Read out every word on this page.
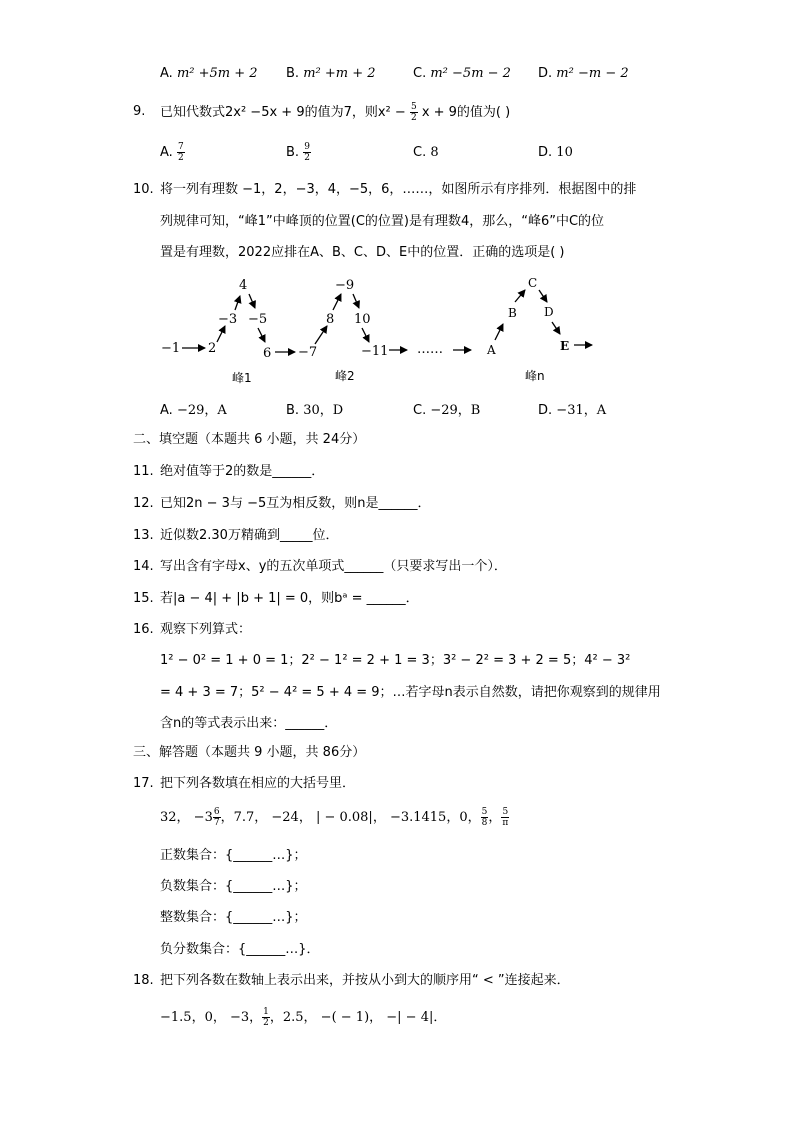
A. m² +5m + 2 B. m² +m + 2	C. m² −5m − 2 D. m² −m − 2
9.	已知代数式2x² −5x + 9的值为7，则$x^2 - \frac{5}{2}$ x + 9的值为( )
A. $\frac{7}{2}$	B. $\frac{9}{2}$	C. 8	D. 10
10. 将一列有理数 −1，2，−3，4，−5，6，……，如图所示有序排列．根据图中的排
列规律可知，“峰1”中峰顶的位置(C的位置)是有理数4，那么，“峰6”中C的位
置是有理数，2022应排在A、B、C、D、E中的位置．正确的选项是( )
−1 2
−3
4
−5
6 −7
8
−9
10
−11 ……	A
B
C
D
E
峰1	峰2	峰n
A. −29，A	B. 30，D	C. −29，B	D. −31，A
二、填空题（本题共 6 小题，共 24分）
11. 绝对值等于2的数是______．
12. 已知2n − 3与 −5互为相反数，则n是______．
13. 近似数2.30万精确到_____位．
14. 写出含有字母x、y的五次单项式______（只要求写出一个）．
15. 若|a − 4| + |b + 1| = 0，则bᵃ = ______．
16. 观察下列算式：
1² − 0² = 1 + 0 = 1；2² − 1² = 2 + 1 = 3；3² − 2² = 3 + 2 = 5；4² − 3²
= 4 + 3 = 7；5² − 4² = 5 + 4 = 9；…若字母n表示自然数，请把你观察到的规律用
含n的等式表示出来：______．
三、解答题（本题共 9 小题，共 86分）
17. 把下列各数填在相应的大括号里．
32， $-3 \frac{6}{7}$ ，7.7， −24， | − 0.08|， −3.1415，0， $\frac{5}{8}$ ， $\frac{5}{\pi}$
正数集合：{______…}；
负数集合：{______…}；
整数集合：{______…}；
负分数集合：{______…}．
18. 把下列各数在数轴上表示出来，并按从小到大的顺序用“ < ”连接起来．
−1.5，0， −3， $\frac{1}{2}$ ，2.5， −( − 1)， −| − 4|．
